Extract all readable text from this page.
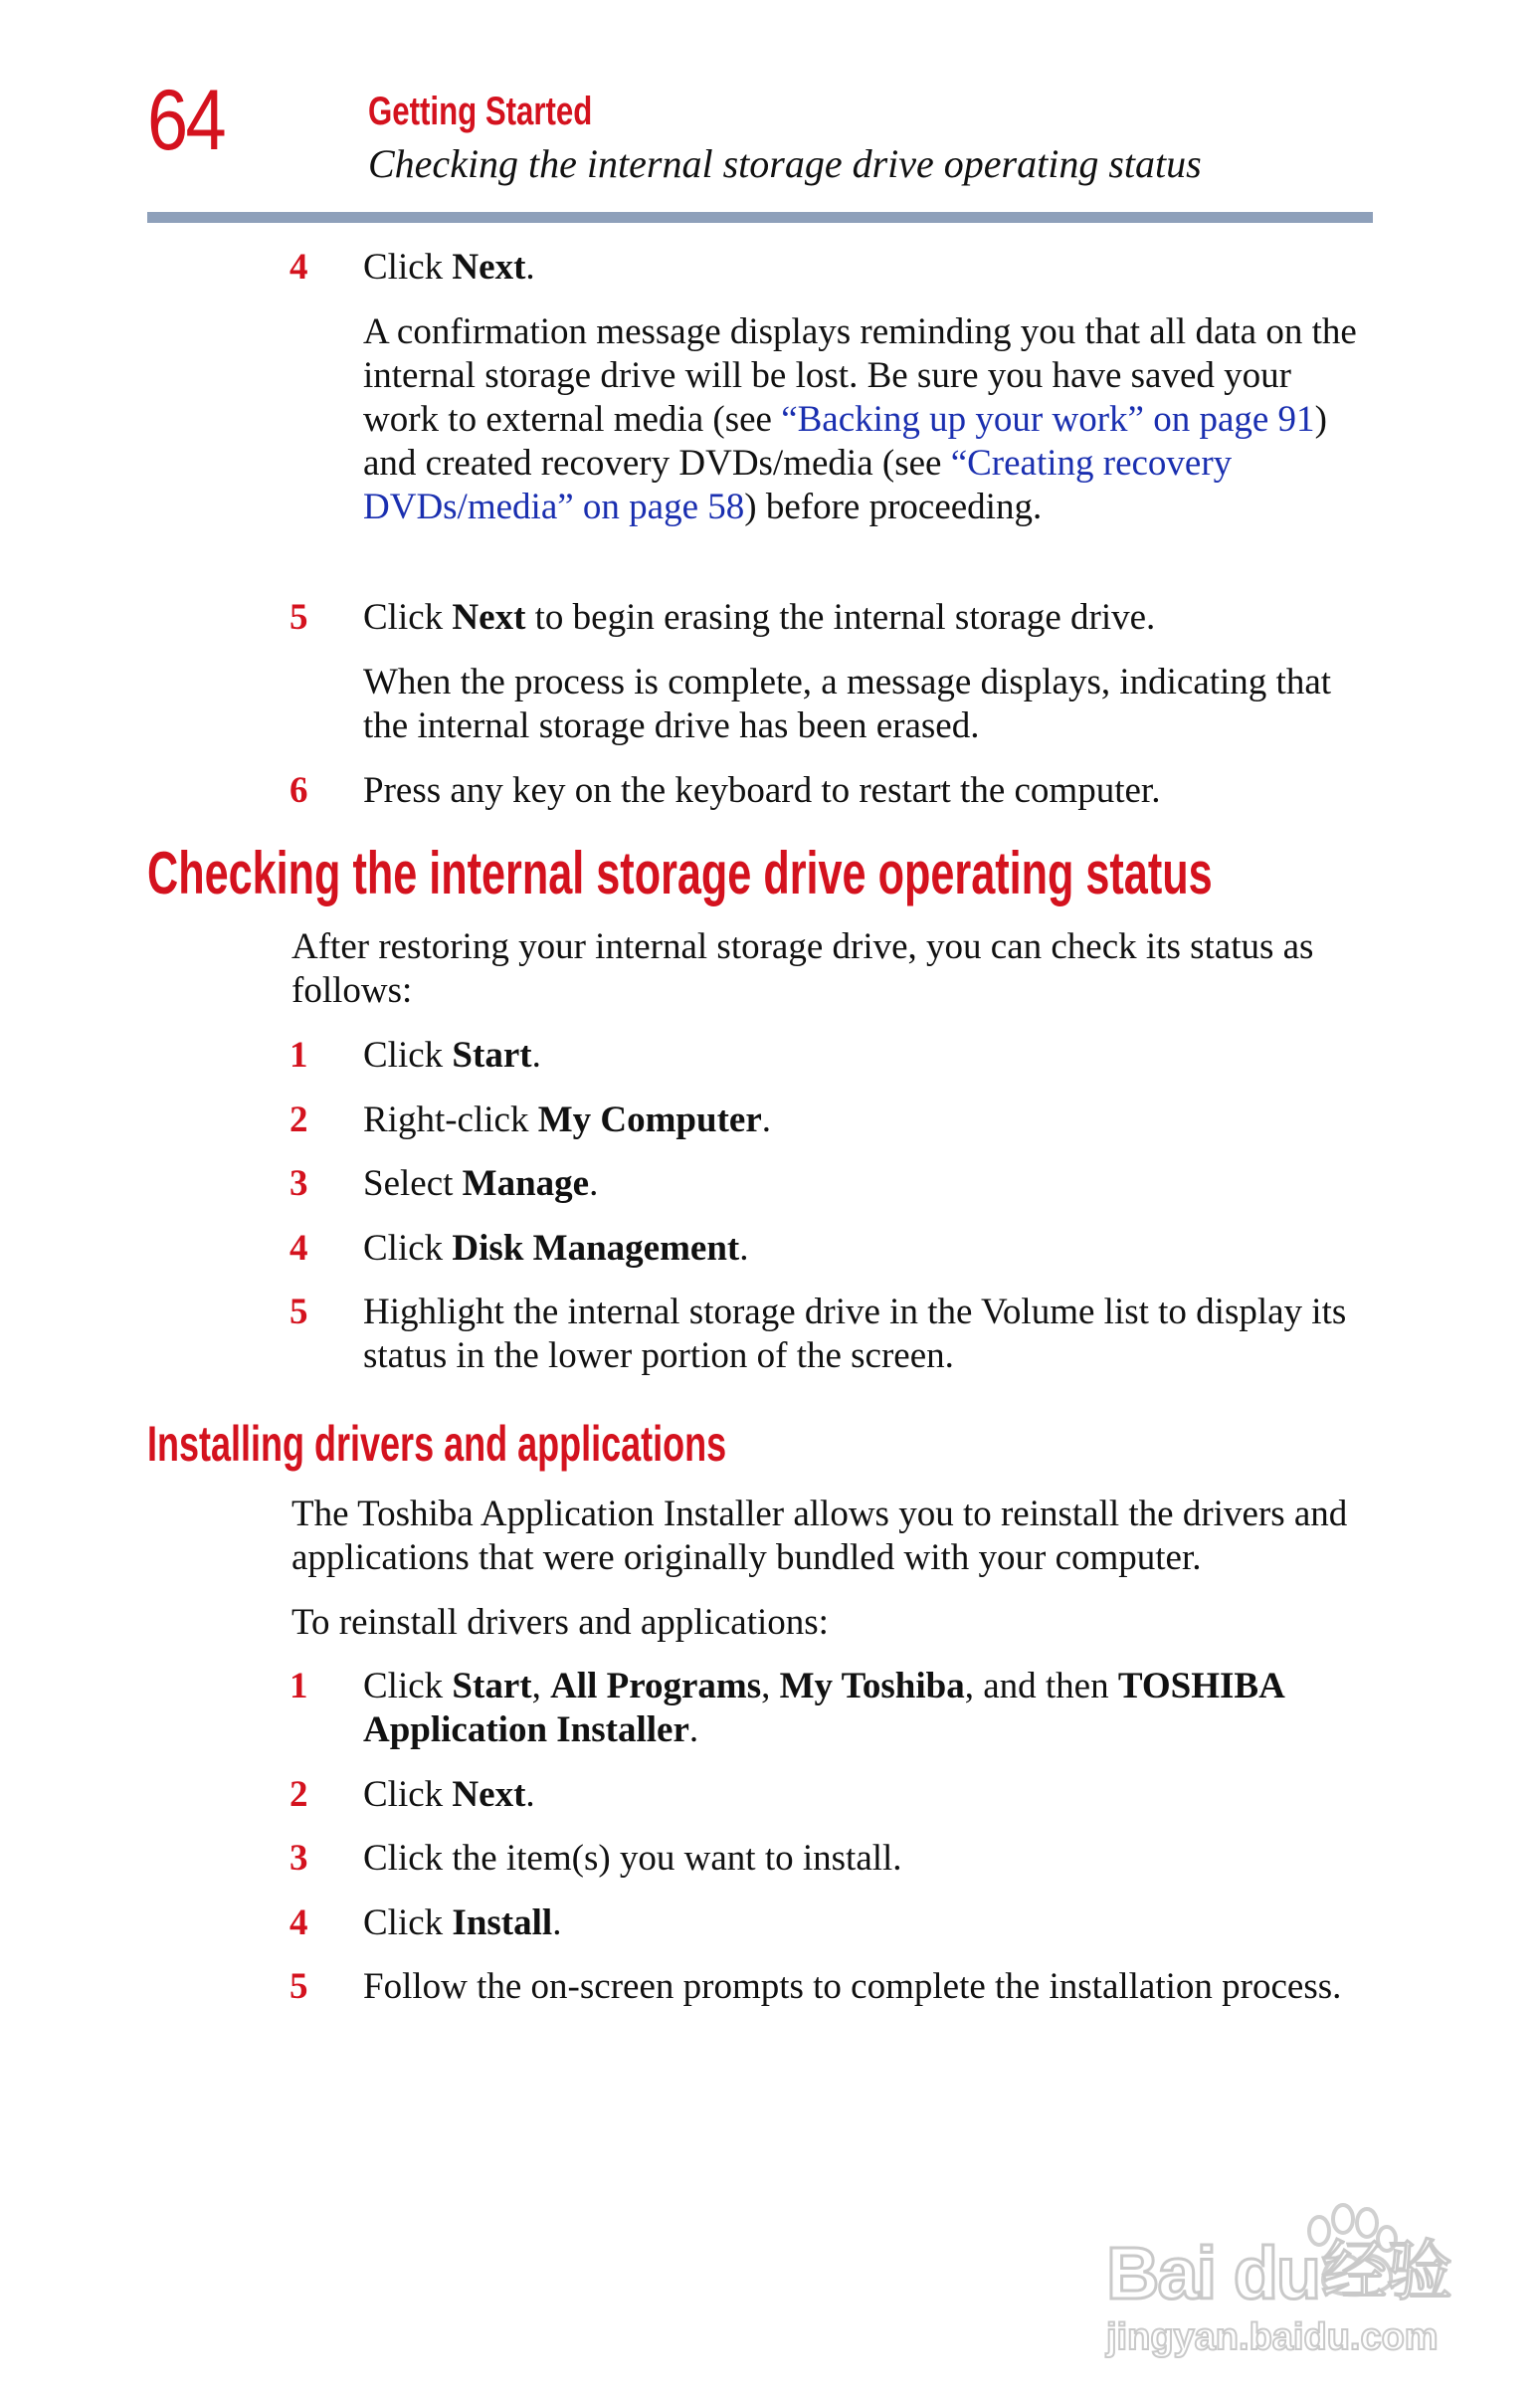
64	Getting Started
Checking the internal storage drive operating status
4 Click Next.

A confirmation message displays reminding you that all data on the internal storage drive will be lost. Be sure you have saved your work to external media (see “Backing up your work” on page 91) and created recovery DVDs/media (see “Creating recovery DVDs/media” on page 58) before proceeding.

5 Click Next to begin erasing the internal storage drive.

When the process is complete, a message displays, indicating that the internal storage drive has been erased.

6 Press any key on the keyboard to restart the computer.

Checking the internal storage drive operating status

After restoring your internal storage drive, you can check its status as follows:

1 Click Start.

2 Right-click My Computer.

3 Select Manage.

4 Click Disk Management.

5 Highlight the internal storage drive in the Volume list to display its status in the lower portion of the screen.

Installing drivers and applications

The Toshiba Application Installer allows you to reinstall the drivers and applications that were originally bundled with your computer.

To reinstall drivers and applications:

1 Click Start, All Programs, My Toshiba, and then TOSHIBA Application Installer.

2 Click Next.

3 Click the item(s) you want to install.

4 Click Install.

5 Follow the on-screen prompts to complete the installation process.

Bai du 经验
jingyan.baidu.com
